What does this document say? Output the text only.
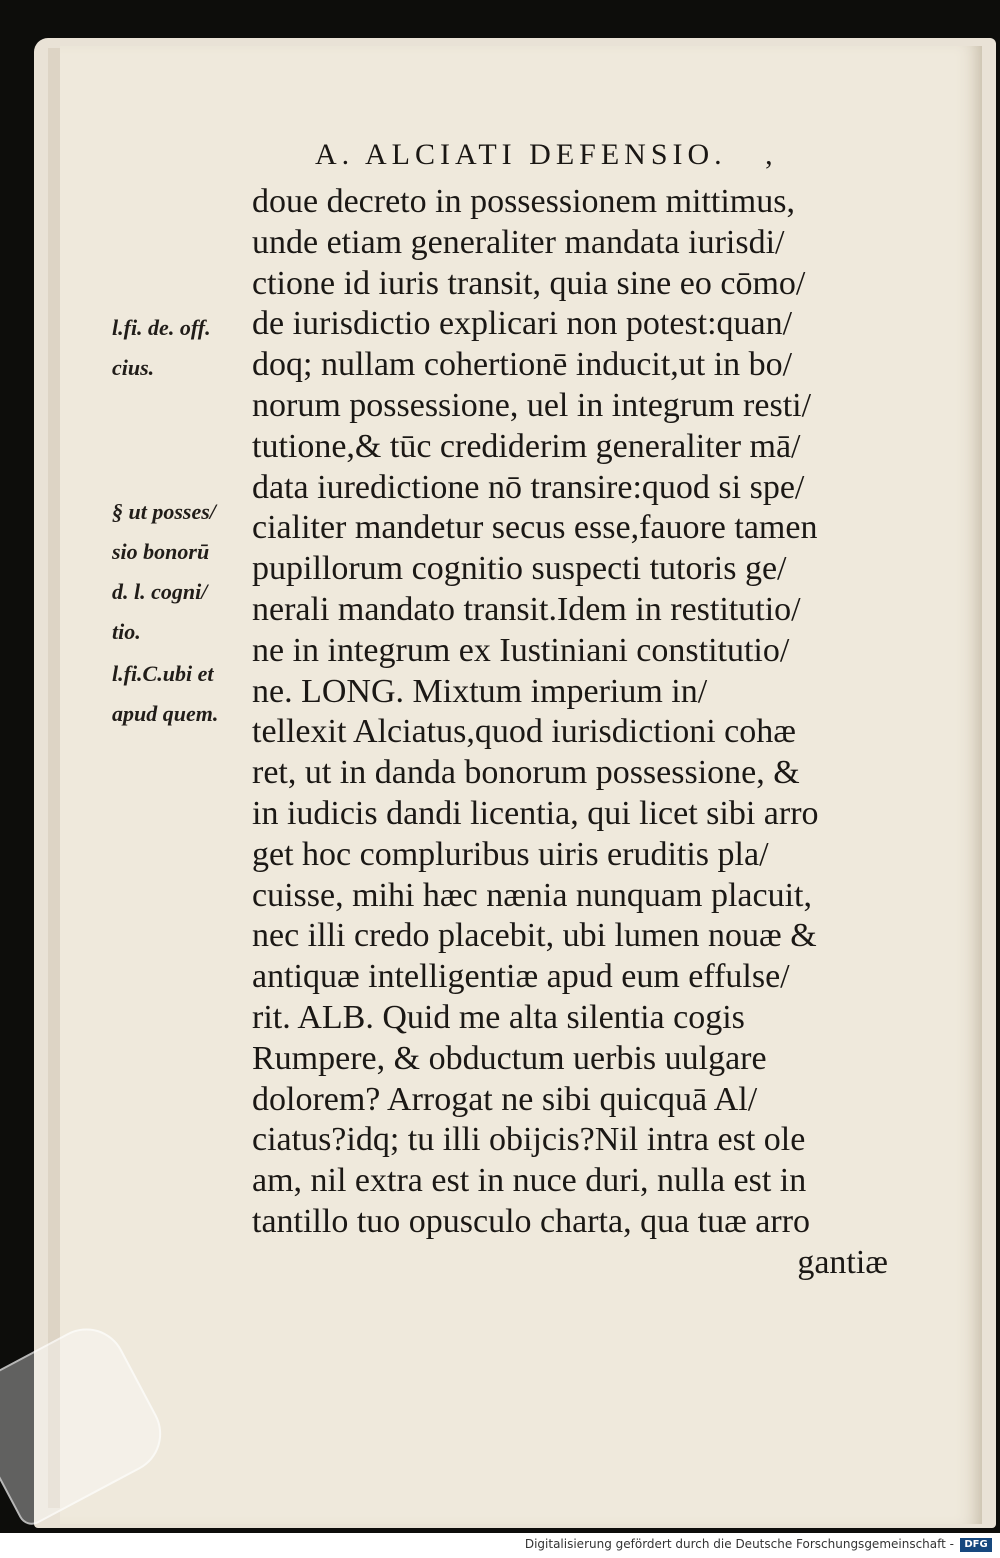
A. ALCIATI DEFENSIO. ,
doue decreto in possessionem mittimus,
unde etiam generaliter mandata iurisdi/
ctione id iuris transit, quia sine eo cōmo/
de iurisdictio explicari non potest:quan/
doq; nullam cohertionē inducit,ut in bo/
norum possessione, uel in integrum resti/
tutione,& tūc crediderim generaliter mā/
data iuredictione nō transire:quod si spe/
cialiter mandetur secus esse,fauore tamen
pupillorum cognitio suspecti tutoris ge/
nerali mandato transit.Idem in restitutio/
ne in integrum ex Iustiniani constitutio/
ne. LONG. Mixtum imperium in/
tellexit Alciatus,quod iurisdictioni cohæ
ret, ut in danda bonorum possessione, &
in iudicis dandi licentia, qui licet sibi arro
get hoc compluribus uiris eruditis pla/
cuisse, mihi hæc nænia nunquam placuit,
nec illi credo placebit, ubi lumen nouæ &
antiquæ intelligentiæ apud eum effulse/
rit. ALB. Quid me alta silentia cogis
Rumpere, & obductum uerbis uulgare
dolorem? Arrogat ne sibi quicquā Al/
ciatus?idq; tu illi obijcis?Nil intra est ole
am, nil extra est in nuce duri, nulla est in
tantillo tuo opusculo charta, qua tuæ arro
gantiæ
l.fi. de. off.
cius.
§ ut posses/
sio bonorū
d. l. cogni/
tio.
l.fi.C.ubi et
apud quem.
Digitalisierung gefördert durch die Deutsche Forschungsgemeinschaft -	DFG
